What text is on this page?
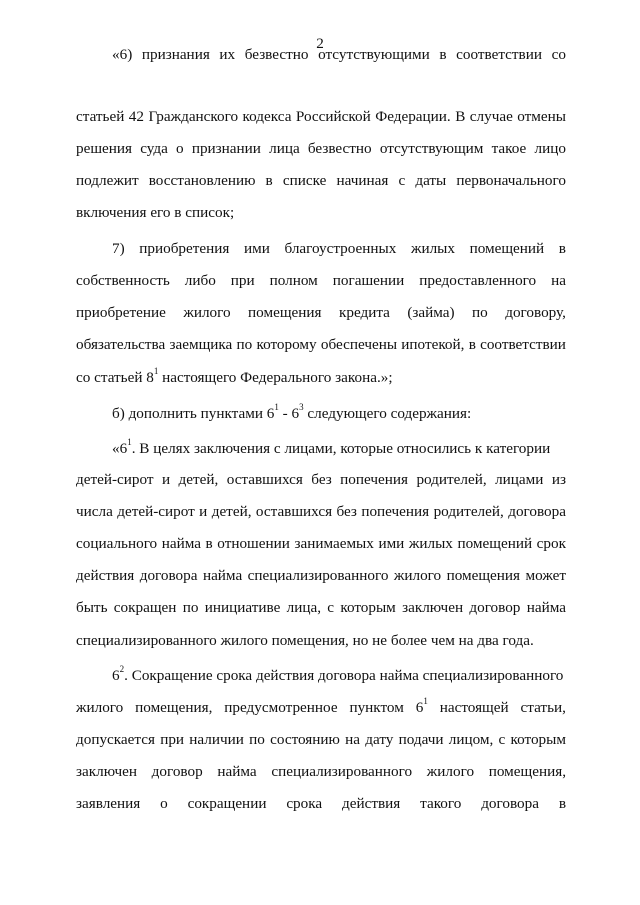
2
«6) признания их безвестно отсутствующими в соответствии со
статьей 42 Гражданского кодекса Российской Федерации. В случае отмены
решения суда о признании лица безвестно отсутствующим такое лицо
подлежит восстановлению в списке начиная с даты первоначального
включения его в список;
7) приобретения ими благоустроенных жилых помещений в
собственность либо при полном погашении предоставленного на
приобретение жилого помещения кредита (займа) по договору,
обязательства заемщика по которому обеспечены ипотекой, в соответствии
со статьей $8^1$ настоящего Федерального закона.»;
б) дополнить пунктами $6^1 - 6^3$ следующего содержания:
«$6^1$. В целях заключения с лицами, которые относились к категории
детей-сирот и детей, оставшихся без попечения родителей, лицами из
числа детей-сирот и детей, оставшихся без попечения родителей, договора
социального найма в отношении занимаемых ими жилых помещений срок
действия договора найма специализированного жилого помещения может
быть сокращен по инициативе лица, с которым заключен договор найма
специализированного жилого помещения, но не более чем на два года.
$6^2$. Сокращение срока действия договора найма специализированного
жилого помещения, предусмотренное пунктом $6^1$ настоящей статьи,
допускается при наличии по состоянию на дату подачи лицом, с которым
заключен договор найма специализированного жилого помещения,
заявления о сокращении срока действия такого договора в
